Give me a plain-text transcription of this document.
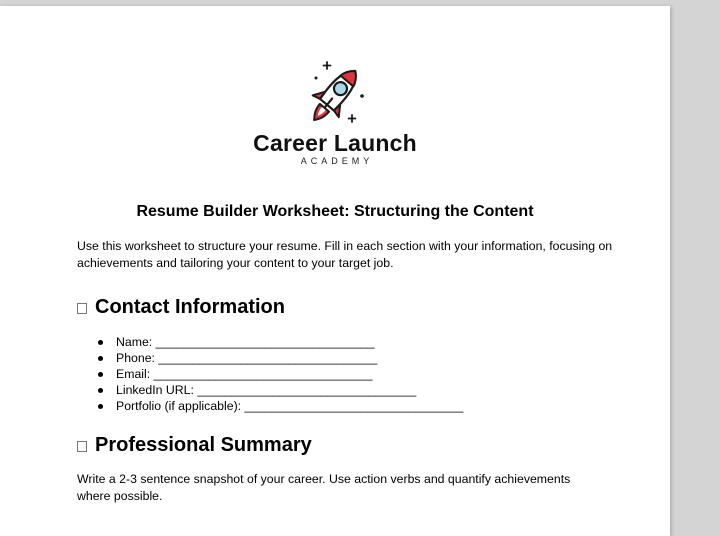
Career Launch
ACADEMY
Resume Builder Worksheet: Structuring the Content

Use this worksheet to structure your resume. Fill in each section with your information, focusing on achievements and tailoring your content to your target job.

Contact Information
Name: ________________________________
Phone: ________________________________
Email: ________________________________
LinkedIn URL: ________________________________
Portfolio (if applicable): ________________________________
Professional Summary

Write a 2-3 sentence snapshot of your career. Use action verbs and quantify achievements where possible.
